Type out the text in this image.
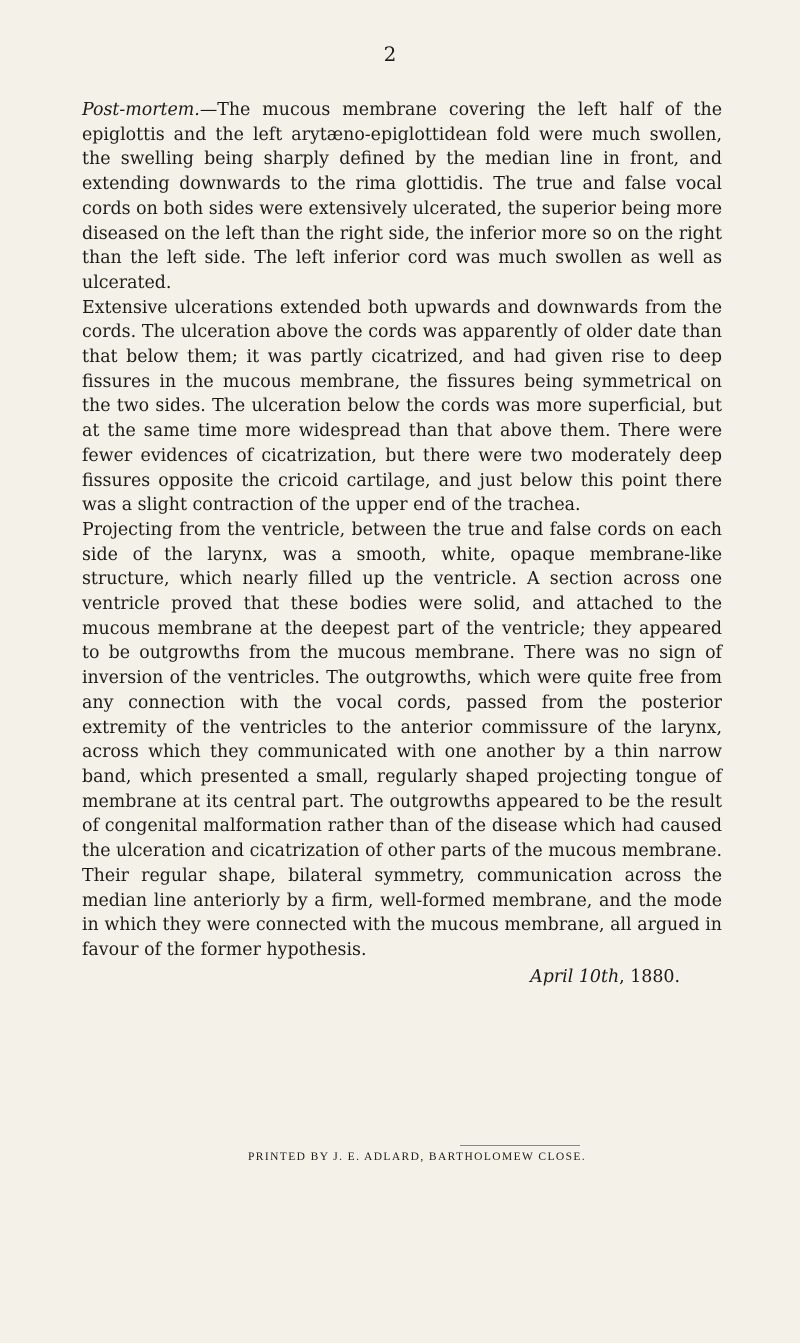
2

Post-mortem.—The mucous membrane covering the left half of the epiglottis and the left arytæno-epiglottidean fold were much swollen, the swelling being sharply defined by the median line in front, and extending downwards to the rima glottidis. The true and false vocal cords on both sides were extensively ulcerated, the superior being more diseased on the left than the right side, the inferior more so on the right than the left side. The left inferior cord was much swollen as well as ulcerated.

Extensive ulcerations extended both upwards and downwards from the cords. The ulceration above the cords was apparently of older date than that below them; it was partly cicatrized, and had given rise to deep fissures in the mucous membrane, the fissures being symmetrical on the two sides. The ulceration below the cords was more superficial, but at the same time more widespread than that above them. There were fewer evidences of cicatrization, but there were two moderately deep fissures opposite the cricoid cartilage, and just below this point there was a slight contraction of the upper end of the trachea.

Projecting from the ventricle, between the true and false cords on each side of the larynx, was a smooth, white, opaque membrane-like structure, which nearly filled up the ventricle. A section across one ventricle proved that these bodies were solid, and attached to the mucous membrane at the deepest part of the ventricle; they appeared to be outgrowths from the mucous membrane. There was no sign of inversion of the ventricles. The outgrowths, which were quite free from any connection with the vocal cords, passed from the posterior extremity of the ventricles to the anterior commissure of the larynx, across which they communicated with one another by a thin narrow band, which presented a small, regularly shaped projecting tongue of membrane at its central part. The outgrowths appeared to be the result of congenital malformation rather than of the disease which had caused the ulceration and cicatrization of other parts of the mucous membrane. Their regular shape, bilateral symmetry, communication across the median line anteriorly by a firm, well-formed membrane, and the mode in which they were connected with the mucous membrane, all argued in favour of the former hypothesis.

April 10th, 1880.

PRINTED BY J. E. ADLARD, BARTHOLOMEW CLOSE.
